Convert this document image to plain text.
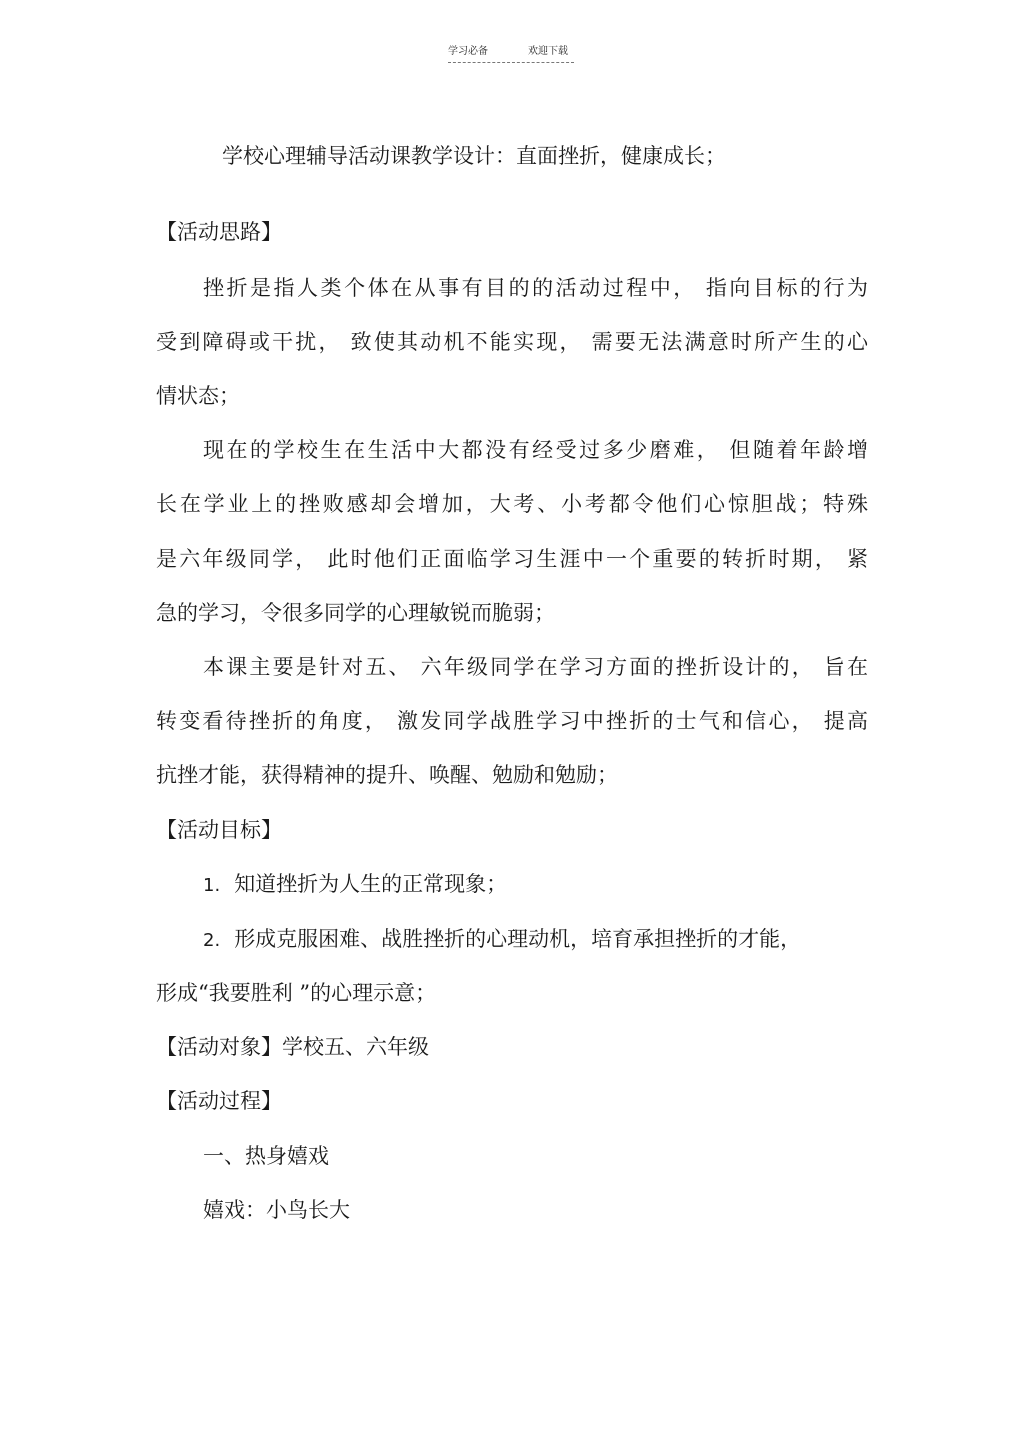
学习必备	欢迎下载
学校心理辅导活动课教学设计：直面挫折，健康成长；
【活动思路】
挫折是指人类个体在从事有目的的活动过程中， 指向目标的行为
受到障碍或干扰， 致使其动机不能实现， 需要无法满意时所产生的心
情状态；
现在的学校生在生活中大都没有经受过多少磨难， 但随着年龄增
长在学业上的挫败感却会增加，大考、小考都令他们心惊胆战；特殊
是六年级同学， 此时他们正面临学习生涯中一个重要的转折时期， 紧
急的学习，令很多同学的心理敏锐而脆弱；
本课主要是针对五、 六年级同学在学习方面的挫折设计的， 旨在
转变看待挫折的角度， 激发同学战胜学习中挫折的士气和信心， 提高
抗挫才能，获得精神的提升、唤醒、勉励和勉励；
【活动目标】
1. 知道挫折为人生的正常现象；
2. 形成克服困难、战胜挫折的心理动机，培育承担挫折的才能，
形成“我要胜利 ”的心理示意；
【活动对象】学校五、六年级
【活动过程】
一、热身嬉戏
嬉戏：小鸟长大
